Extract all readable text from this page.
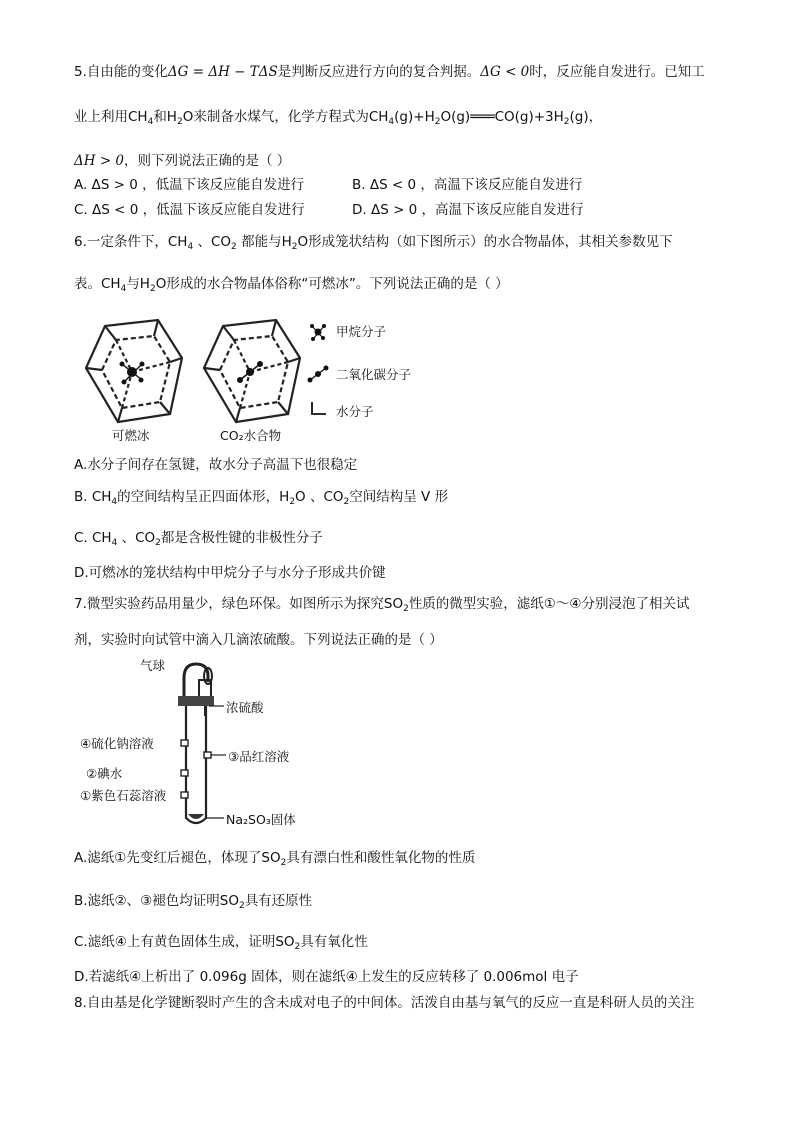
5.自由能的变化ΔG = ΔH − TΔS是判断反应进行方向的复合判据。ΔG < 0时，反应能自发进行。已知工
业上利用$CH_4$和$H_2O$来制备水煤气，化学方程式为$CH_4(g)+H_2O(g)═══CO(g)+3H_2(g)$，
ΔH > 0，则下列说法正确的是（ ）
A. ΔS > 0 ，低温下该反应能自发进行	B. ΔS < 0 ，高温下该反应能自发进行
C. ΔS < 0 ，低温下该反应能自发进行	D. ΔS > 0 ，高温下该反应能自发进行
6.一定条件下，$CH_4$ 、$CO_2$ 都能与$H_2O$形成笼状结构（如下图所示）的水合物晶体，其相关参数见下
表。$CH_4$与$H_2O$形成的水合物晶体俗称“可燃冰”。下列说法正确的是（ ）
可燃冰	CO₂水合物
甲烷分子
二氧化碳分子
水分子
A.水分子间存在氢键，故水分子高温下也很稳定
B. $CH_4$的空间结构呈正四面体形，$H_2O$ 、$CO_2$空间结构呈 V 形
C. $CH_4$ 、$CO_2$都是含极性键的非极性分子
D.可燃冰的笼状结构中甲烷分子与水分子形成共价键
7.微型实验药品用量少，绿色环保。如图所示为探究$SO_2$性质的微型实验，滤纸①～④分别浸泡了相关试
剂，实验时向试管中滴入几滴浓硫酸。下列说法正确的是（ ）
气球
浓硫酸
④硫化钠溶液
③品红溶液
②碘水
①紫色石蕊溶液
Na₂SO₃固体
A.滤纸①先变红后褪色，体现了$SO_2$具有漂白性和酸性氧化物的性质
B.滤纸②、③褪色均证明$SO_2$具有还原性
C.滤纸④上有黄色固体生成，证明$SO_2$具有氧化性
D.若滤纸④上析出了 0.096g 固体，则在滤纸④上发生的反应转移了 0.006mol 电子
8.自由基是化学键断裂时产生的含未成对电子的中间体。活泼自由基与氧气的反应一直是科研人员的关注
